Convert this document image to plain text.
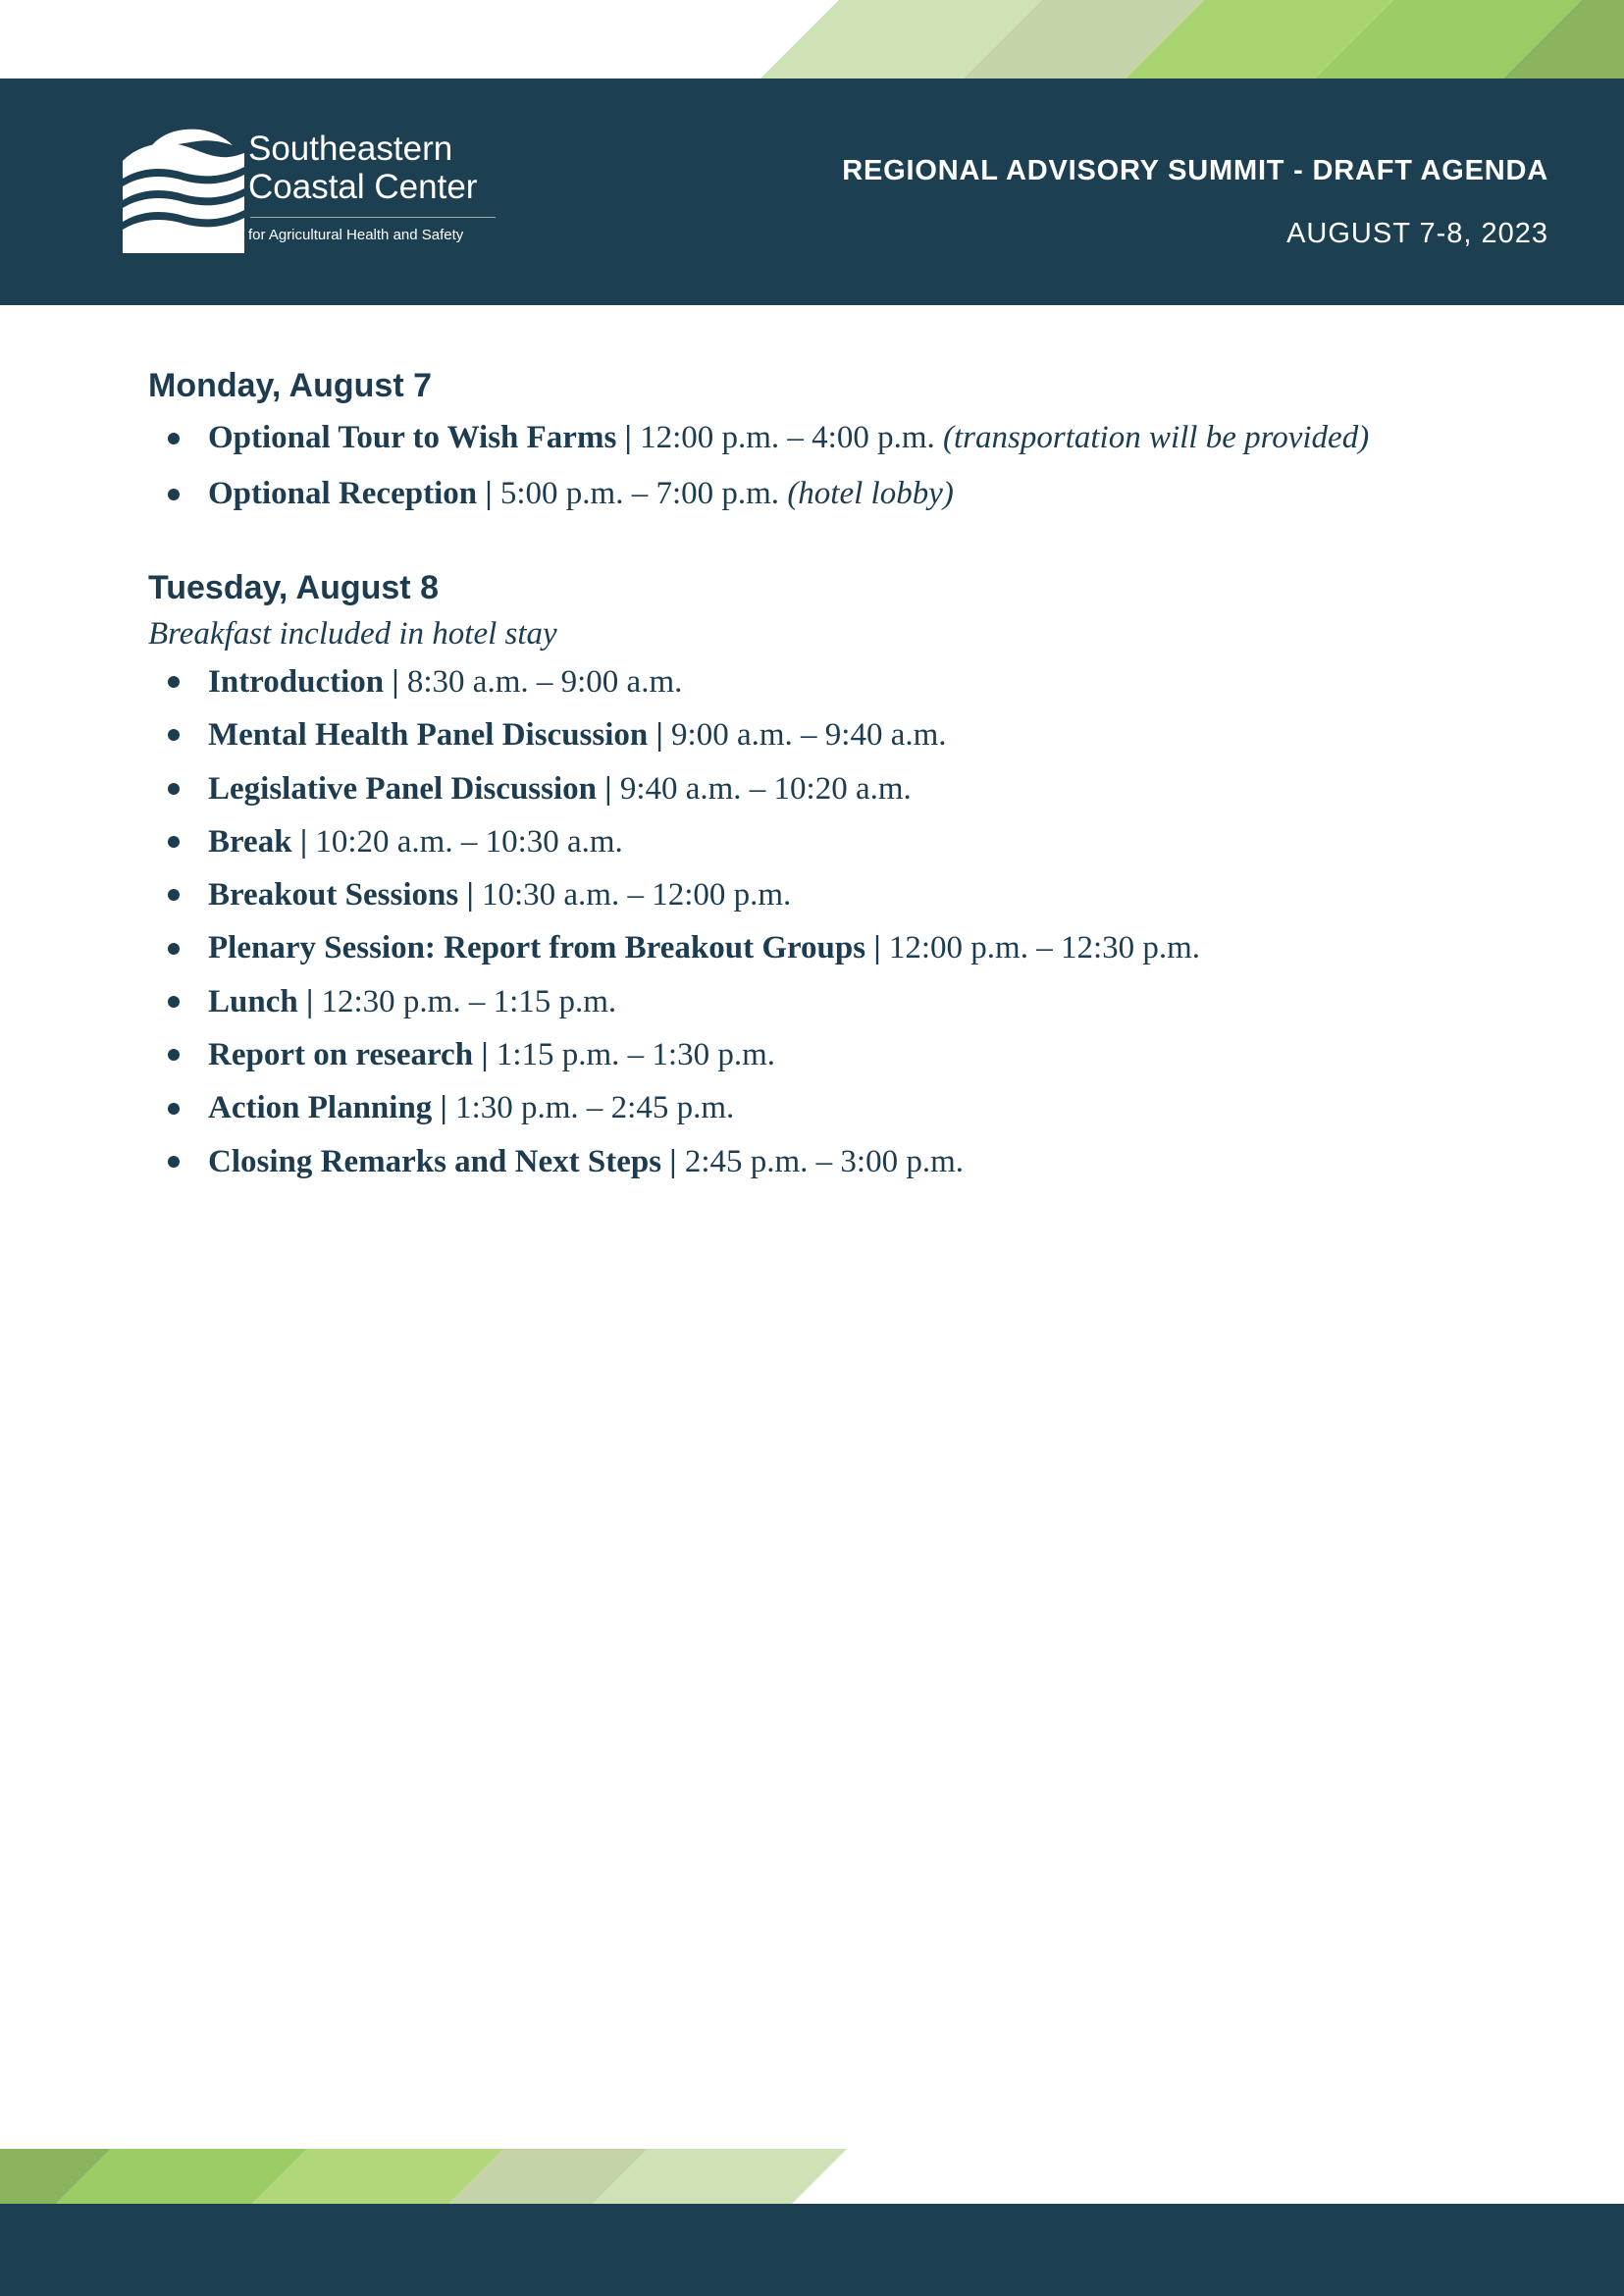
Southeastern
Coastal Center
for Agricultural Health and Safety
REGIONAL ADVISORY SUMMIT - DRAFT AGENDA
AUGUST 7-8, 2023
Monday, August 7
Optional Tour to Wish Farms | 12:00 p.m. – 4:00 p.m. (transportation will be provided)
Optional Reception | 5:00 p.m. – 7:00 p.m. (hotel lobby)
Tuesday, August 8

Breakfast included in hotel stay

Introduction | 8:30 a.m. – 9:00 a.m.
Mental Health Panel Discussion | 9:00 a.m. – 9:40 a.m.
Legislative Panel Discussion | 9:40 a.m. – 10:20 a.m.
Break | 10:20 a.m. – 10:30 a.m.
Breakout Sessions | 10:30 a.m. – 12:00 p.m.
Plenary Session: Report from Breakout Groups | 12:00 p.m. – 12:30 p.m.
Lunch | 12:30 p.m. – 1:15 p.m.
Report on research | 1:15 p.m. – 1:30 p.m.
Action Planning | 1:30 p.m. – 2:45 p.m.
Closing Remarks and Next Steps | 2:45 p.m. – 3:00 p.m.
